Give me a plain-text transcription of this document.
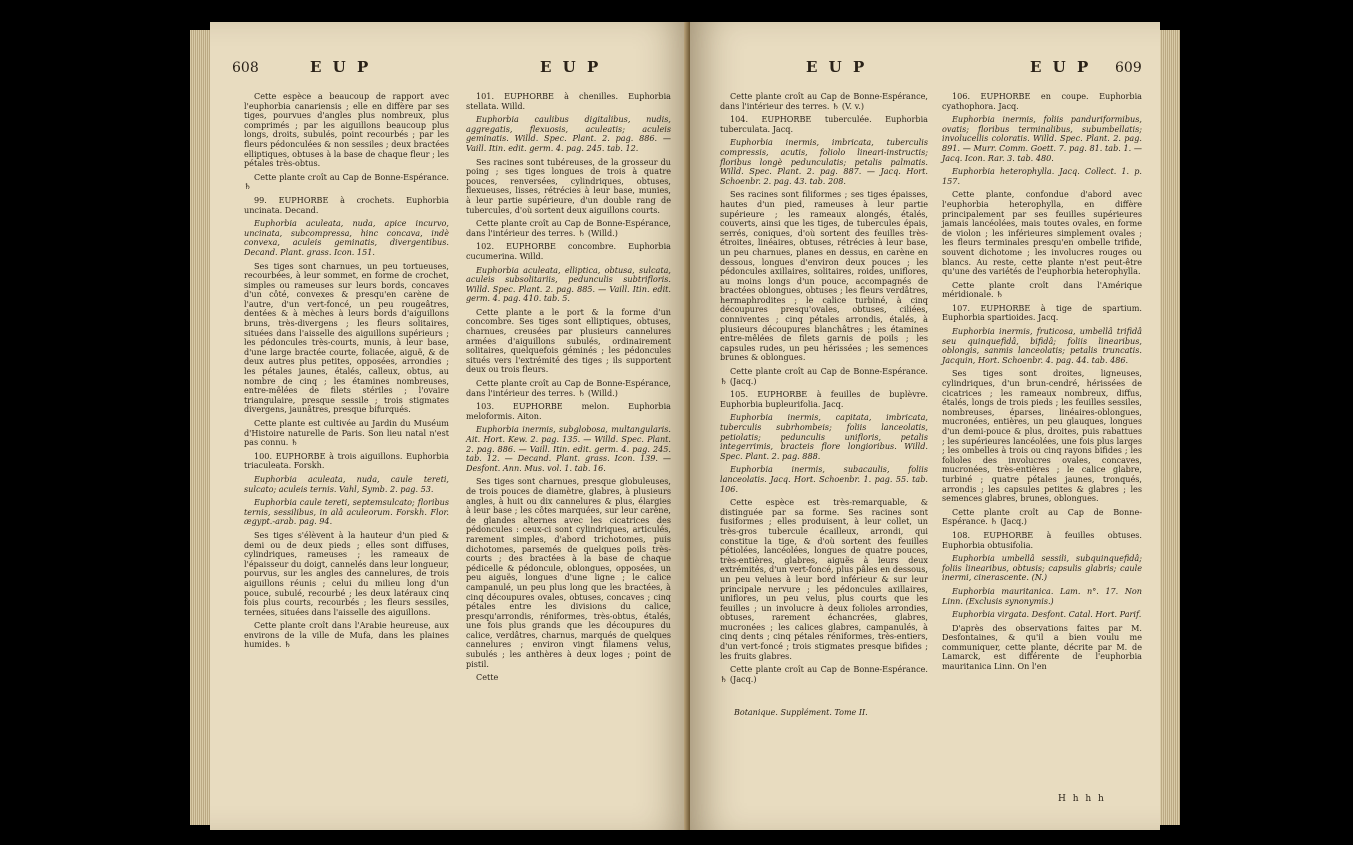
608	E U P	E U P

Cette espèce a beaucoup de rapport avec l'euphorbia canariensis ; elle en diffère par ses tiges, pourvues d'angles plus nombreux, plus comprimés ; par les aiguillons beaucoup plus longs, droits, subulés, point recourbés ; par les fleurs pédonculées & non sessiles ; deux bractées elliptiques, obtuses à la base de chaque fleur ; les pétales très-obtus.

Cette plante croît au Cap de Bonne-Espérance. ♄

99. EUPHORBE à crochets. Euphorbia uncinata. Decand.

Euphorbia aculeata, nuda, apice incurvo, uncinata, subcompressa, hinc concava, indè convexa, aculeis geminatis, divergentibus. Decand. Plant. grass. Icon. 151.

Ses tiges sont charnues, un peu tortueuses, recourbées, à leur sommet, en forme de crochet, simples ou rameuses sur leurs bords, concaves d'un côté, convexes & presqu'en carène de l'autre, d'un vert-foncé, un peu rougeâtres, dentées & à mèches à leurs bords d'aiguillons bruns, très-divergens ; les fleurs solitaires, situées dans l'aisselle des aiguillons supérieurs ; les pédoncules très-courts, munis, à leur base, d'une large bractée courte, foliacée, aiguë, & de deux autres plus petites, opposées, arrondies ; les pétales jaunes, étalés, calleux, obtus, au nombre de cinq ; les étamines nombreuses, entre-mêlées de filets stériles ; l'ovaire triangulaire, presque sessile ; trois stigmates divergens, jaunâtres, presque bifurqués.

Cette plante est cultivée au Jardin du Muséum d'Histoire naturelle de Paris. Son lieu natal n'est pas connu. ♄

100. EUPHORBE à trois aiguillons. Euphorbia triaculeata. Forskh.

Euphorbia aculeata, nuda, caule tereti, sulcato; aculeis ternis. Vahl, Symb. 2. pag. 53.

Euphorbia caule tereti, septemsulcato; floribus ternis, sessilibus, in alâ aculeorum. Forskh. Flor. ægypt.-arab. pag. 94.

Ses tiges s'élèvent à la hauteur d'un pied & demi ou de deux pieds ; elles sont diffuses, cylindriques, rameuses ; les rameaux de l'épaisseur du doigt, cannelés dans leur longueur, pourvus, sur les angles des cannelures, de trois aiguillons réunis ; celui du milieu long d'un pouce, subulé, recourbé ; les deux latéraux cinq fois plus courts, recourbés ; les fleurs sessiles, ternées, situées dans l'aisselle des aiguillons.

Cette plante croît dans l'Arabie heureuse, aux environs de la ville de Mufa, dans les plaines humides. ♄

101. EUPHORBE à chenilles. Euphorbia stellata. Willd.

Euphorbia caulibus digitalibus, nudis, aggregatis, flexuosis, aculeatis; aculeis geminatis. Willd. Spec. Plant. 2. pag. 886. — Vaill. Itin. edit. germ. 4. pag. 245. tab. 12.

Ses racines sont tubéreuses, de la grosseur du poing ; ses tiges longues de trois à quatre pouces, renversées, cylindriques, obtuses, flexueuses, lisses, rétrécies à leur base, munies, à leur partie supérieure, d'un double rang de tubercules, d'où sortent deux aiguillons courts.

Cette plante croît au Cap de Bonne-Espérance, dans l'intérieur des terres. ♄ (Willd.)

102. EUPHORBE concombre. Euphorbia cucumerina. Willd.

Euphorbia aculeata, elliptica, obtusa, sulcata, aculeis subsolitariis, pedunculis subtrifloris. Willd. Spec. Plant. 2. pag. 885. — Vaill. Itin. edit. germ. 4. pag. 410. tab. 5.

Cette plante a le port & la forme d'un concombre. Ses tiges sont elliptiques, obtuses, charnues, creusées par plusieurs cannelures armées d'aiguillons subulés, ordinairement solitaires, quelquefois géminés ; les pédoncules situés vers l'extrémité des tiges ; ils supportent deux ou trois fleurs.

Cette plante croît au Cap de Bonne-Espérance, dans l'intérieur des terres. ♄ (Willd.)

103. EUPHORBE melon. Euphorbia meloformis. Aiton.

Euphorbia inermis, subglobosa, multangularis. Ait. Hort. Kew. 2. pag. 135. — Willd. Spec. Plant. 2. pag. 886. — Vaill. Itin. edit. germ. 4. pag. 245. tab. 12. — Decand. Plant. grass. Icon. 139. — Desfont. Ann. Mus. vol. 1. tab. 16.

Ses tiges sont charnues, presque globuleuses, de trois pouces de diamètre, glabres, à plusieurs angles, à huit ou dix cannelures & plus, élargies à leur base ; les côtes marquées, sur leur carène, de glandes alternes avec les cicatrices des pédoncules : ceux-ci sont cylindriques, articulés, rarement simples, d'abord trichotomes, puis dichotomes, parsemés de quelques poils très-courts ; des bractées à la base de chaque pédicelle & pédoncule, oblongues, opposées, un peu aiguës, longues d'une ligne ; le calice campanulé, un peu plus long que les bractées, à cinq découpures ovales, obtuses, concaves ; cinq pétales entre les divisions du calice, presqu'arrondis, réniformes, très-obtus, étalés, une fois plus grands que les découpures du calice, verdâtres, charnus, marqués de quelques cannelures ; environ vingt filamens velus, subulés ; les anthères à deux loges ; point de pistil.

Cette

E U P	E U P 609

Cette plante croît au Cap de Bonne-Espérance, dans l'intérieur des terres. ♄ (V. v.)

104. EUPHORBE tuberculée. Euphorbia tuberculata. Jacq.

Euphorbia inermis, imbricata, tuberculis compressis, acutis, foliolo lineari-instructis; floribus longè pedunculatis; petalis palmatis. Willd. Spec. Plant. 2. pag. 887. — Jacq. Hort. Schoenbr. 2. pag. 43. tab. 208.

Ses racines sont filiformes ; ses tiges épaisses, hautes d'un pied, rameuses à leur partie supérieure ; les rameaux alongés, étalés, couverts, ainsi que les tiges, de tubercules épais, serrés, coniques, d'où sortent des feuilles très-étroites, linéaires, obtuses, rétrécies à leur base, un peu charnues, planes en dessus, en carène en dessous, longues d'environ deux pouces ; les pédoncules axillaires, solitaires, roides, uniflores, au moins longs d'un pouce, accompagnés de bractées oblongues, obtuses ; les fleurs verdâtres, hermaphrodites ; le calice turbiné, à cinq découpures presqu'ovales, obtuses, ciliées, conniventes ; cinq pétales arrondis, étalés, à plusieurs découpures blanchâtres ; les étamines entre-mêlées de filets garnis de poils ; les capsules rudes, un peu hérissées ; les semences brunes & oblongues.

Cette plante croît au Cap de Bonne-Espérance. ♄ (Jacq.)

105. EUPHORBE à feuilles de buplèvre. Euphorbia bupleurifolia. Jacq.

Euphorbia inermis, capitata, imbricata, tuberculis subrhombeis; foliis lanceolatis, petiolatis; pedunculis unifloris, petalis integerrimis, bracteis flore longioribus. Willd. Spec. Plant. 2. pag. 888.

Euphorbia inermis, subacaulis, foliis lanceolatis. Jacq. Hort. Schoenbr. 1. pag. 55. tab. 106.

Cette espèce est très-remarquable, & distinguée par sa forme. Ses racines sont fusiformes ; elles produisent, à leur collet, un très-gros tubercule écailleux, arrondi, qui constitue la tige, & d'où sortent des feuilles pétiolées, lancéolées, longues de quatre pouces, très-entières, glabres, aiguës à leurs deux extrémités, d'un vert-foncé, plus pâles en dessous, un peu velues à leur bord inférieur & sur leur principale nervure ; les pédoncules axillaires, uniflores, un peu velus, plus courts que les feuilles ; un involucre à deux folioles arrondies, obtuses, rarement échancrées, glabres, mucronées ; les calices glabres, campanulés, à cinq dents ; cinq pétales réniformes, très-entiers, d'un vert-foncé ; trois stigmates presque bifides ; les fruits glabres.

Cette plante croît au Cap de Bonne-Espérance. ♄ (Jacq.)

Botanique. Supplément. Tome II.

106. EUPHORBE en coupe. Euphorbia cyathophora. Jacq.

Euphorbia inermis, foliis panduriformibus, ovatis; floribus terminalibus, subumbellatis; involucellis coloratis. Willd. Spec. Plant. 2. pag. 891. — Murr. Comm. Goett. 7. pag. 81. tab. 1. — Jacq. Icon. Rar. 3. tab. 480.

Euphorbia heterophylla. Jacq. Collect. 1. p. 157.

Cette plante, confondue d'abord avec l'euphorbia heterophylla, en diffère principalement par ses feuilles supérieures jamais lancéolées, mais toutes ovales, en forme de violon ; les inférieures simplement ovales ; les fleurs terminales presqu'en ombelle trifide, souvent dichotome ; les involucres rouges ou blancs. Au reste, cette plante n'est peut-être qu'une des variétés de l'euphorbia heterophylla.

Cette plante croît dans l'Amérique méridionale. ♄

107. EUPHORBE à tige de spartium. Euphorbia spartioides. Jacq.

Euphorbia inermis, fruticosa, umbellâ trifidâ seu quinquefidâ, bifidâ; foliis linearibus, oblongis, sanmis lanceolatis; petalis truncatis. Jacquin, Hort. Schoenbr. 4. pag. 44. tab. 486.

Ses tiges sont droites, ligneuses, cylindriques, d'un brun-cendré, hérissées de cicatrices ; les rameaux nombreux, diffus, étalés, longs de trois pieds ; les feuilles sessiles, nombreuses, éparses, linéaires-oblongues, mucronées, entières, un peu glauques, longues d'un demi-pouce & plus, droites, puis rabattues ; les supérieures lancéolées, une fois plus larges ; les ombelles à trois ou cinq rayons bifides ; les folioles des involucres ovales, concaves, mucronées, très-entières ; le calice glabre, turbiné ; quatre pétales jaunes, tronqués, arrondis ; les capsules petites & glabres ; les semences glabres, brunes, oblongues.

Cette plante croît au Cap de Bonne-Espérance. ♄ (Jacq.)

108. EUPHORBE à feuilles obtuses. Euphorbia obtusifolia.

Euphorbia umbellâ sessili, subquinquefidâ; foliis linearibus, obtusis; capsulis glabris; caule inermi, cinerascente. (N.)

Euphorbia mauritanica. Lam. n°. 17. Non Linn. (Exclusis synonymis.)

Euphorbia virgata. Desfont. Catal. Hort. Parif.

D'après des observations faites par M. Desfontaines, & qu'il a bien voulu me communiquer, cette plante, décrite par M. de Lamarck, est différente de l'euphorbia mauritanica Linn. On l'en

H h h h
